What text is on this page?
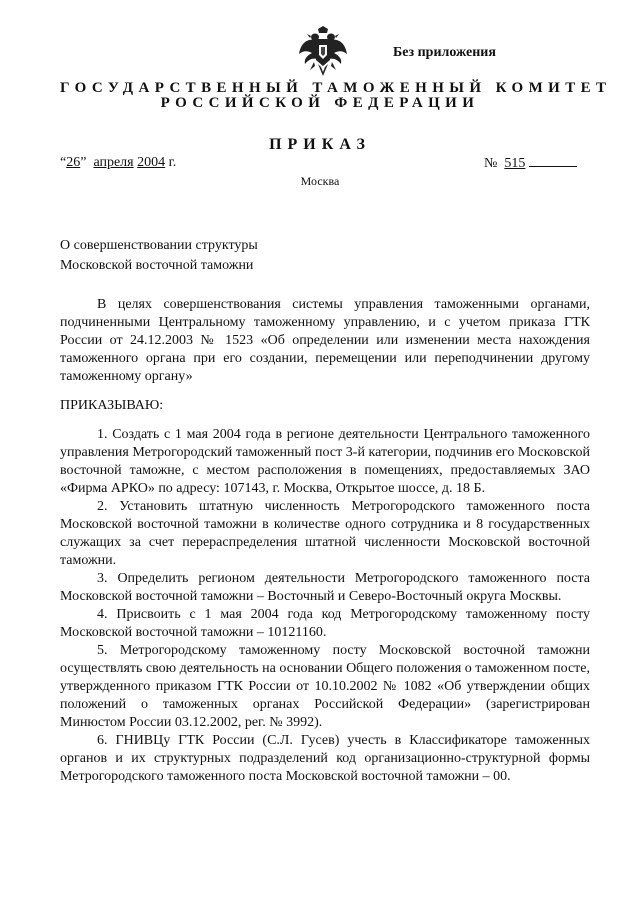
Без приложения
ГОСУДАРСТВЕННЫЙ ТАМОЖЕННЫЙ КОМИТЕТ
РОССИЙСКОЙ ФЕДЕРАЦИИ
ПРИКАЗ
“26” апреля 2004 г.	№ 515
Москва
О совершенствовании структуры
Московской восточной таможни

В целях совершенствования системы управления таможенными органами, подчиненными Центральному таможенному управлению, и с учетом приказа ГТК России от 24.12.2003 № 1523 «Об определении или изменении места нахождения таможенного органа при его создании, перемещении или переподчинении другому таможенному органу»

ПРИКАЗЫВАЮ:

1. Создать с 1 мая 2004 года в регионе деятельности Центрального таможенного управления Метрогородский таможенный пост 3-й категории, подчинив его Московской восточной таможне, с местом расположения в помещениях, предоставляемых ЗАО «Фирма АРКО» по адресу: 107143, г. Москва, Открытое шоссе, д. 18 Б.

2. Установить штатную численность Метрогородского таможенного поста Московской восточной таможни в количестве одного сотрудника и 8 государственных служащих за счет перераспределения штатной численности Московской восточной таможни.

3. Определить регионом деятельности Метрогородского таможенного поста Московской восточной таможни – Восточный и Северо-Восточный округа Москвы.

4. Присвоить с 1 мая 2004 года код Метрогородскому таможенному посту Московской восточной таможни – 10121160.

5. Метрогородскому таможенному посту Московской восточной таможни осуществлять свою деятельность на основании Общего положения о таможенном посте, утвержденного приказом ГТК России от 10.10.2002 № 1082 «Об утверждении общих положений о таможенных органах Российской Федерации» (зарегистрирован Минюстом России 03.12.2002, рег. № 3992).

6. ГНИВЦу ГТК России (С.Л. Гусев) учесть в Классификаторе таможенных органов и их структурных подразделений код организационно-структурной формы Метрогородского таможенного поста Московской восточной таможни – 00.
